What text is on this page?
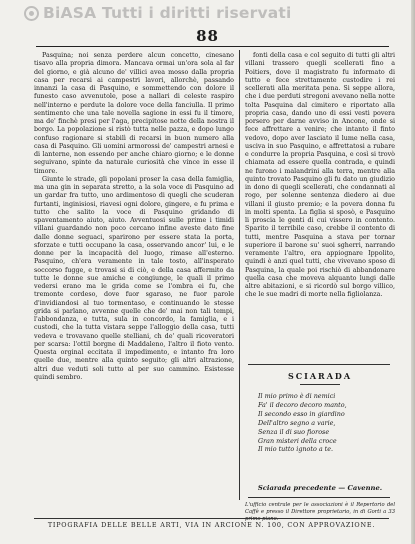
BiASA Tutti i diritti riservati
88

Pasquina; noi senza perdere alcun concetto, cinesano tisavo alla propria dimora. Mancava ormai un'ora sola al far del giorno, e già alcuno de' villici avea mosso dalla propria casa per recarsi ai campestri lavori, allorchè, passando innanzi la casa di Pasquino, e sommettendo con dolore il funesto caso avvenutole, pose a nallari di celeste raspiro nell'interno e perdute la dolore voce della fanciulla. Il primo sentimento che una tale novella sagione in essi fu il timore, ma de' finchè presi per l'aga, precipitose notte della nostra il borgo. La popolazione si ristò tutta nelle pazza, e dopo lungo confuso ragionare si stabilì di recarsi in buon numero alla casa di Pasquino. Gli uomini armorossi de' campestri arnesi e di lanterne, non essendo per anche chiaro giorno; e le donne seguivano, spinte da naturale curiosità che vince in esse il timore.

Giunte le strade, gli popolani proser la casa della famiglia, ma una gin in separata stretto, a la sola voce di Pasquino ad un gardar fra tutto, uno ardimentoso di quegli che scuderan furtanti, inginisiosi, riavesi ogni dolore, gingere, e fu prima e tutto che salito la voce di Pasquino gridando di spaventamento aiuto, aiuto. Avventuosi sulle prime i timidi villani guardando non poco cercano infine aveste dato fine dalle donne seguaci, sparirono per essere stata la porta, sforzate e tutti occupano la casa, osservando ancor' lui, e le donne per la incapacità del luogo, rimase all'esterno. Pasquino, ch'era veramente in tale tosto, all'insperato soccorso fugge, e trovasi si di ciò, e della casa affermito da tutte le donne sue amiche e congiunge, le quali il primo vedersi erano ma le grida come se l'ombra ei fu, che tremonte cordeso, dove fuor sgaraso, ne fuor parole d'invidiandosi al tuo tormentaso, e continuando le stesse grida si parlano, avvenne quelle che de' mai non tali tempi, l'abbondanza, e tutta, sula in concordo, la famiglia, e i custodi, che la tutta vistara seppe l'alloggio della casa, tutti vedeva e trovavano quelle stelliani, ch de' quali ricoveratori per scarsa: l'ottil borgne di Maddaleno, l'altro il fioto vento. Questa orginal eccitata il impedimento, e intanto fra loro quelle due, mentre alla quinto seguito; gli altri altrazione, altri due veduti soli tutto al per suo cammino. Esistesse quindi sembro.

fonti della casa e col seguito di tutti gli altri villani trassero quegli scellerati fino a Poitiers, dove il magistrato fu informato di tutto e fece strettamente custodire i rei scellerati alla meritata pena. Si seppe allora, che i due perduti stregoni avevano nella notte tolta Pasquina dal cimitero e riportato alla propria casa, dando uno di essi vesti povera porsero per darne avviso in Ancone, onde si fece affrettare a venire; che intanto il finto vedovo, dopo aver lasciato il lume nella casa, usciva in suo Pasquino, e affrettatosi a rubare e condurre la propria Pasquina, e così si trovò chiamata ad essere quella contrada, e quindi ne furono i malandrini alla terra, mentre alla quinto trovato Pasquino gli fu dato un giudizio in dono di quegli scellerati, che condannati al rogo, per solenne sentenza diedero ai due villani il giusto premio; e la povera donna fu in molti spenta. La figlia si sposò, e Pasquino li proscia le genti di cui vissero in contento. Sparito il terribile caso, crebbe il contento di tutti, mentre Pasquina a stava per tornar superiore il barone su' suoi sgherri, narrando veramente l'altro, era appiognare Ippolito, quindi è anzi quel tutti, che vivevano sposo di Pasquina, la quale poi rischiò di abbandonare quella casa che moveva alquanto lungi dalle altre abitazioni, e si ricordò sul borgo villico, che le sue madri di morte nella figliolanza.

SCIARADA
Il mio primo è di nemici
Fa' il decoro decoro manto,
Il secondo esso in giardino
Dell'altro segno a varie,
Senza il di suo fiorose
Gran misteri della croce
Il mio tutto ignoto a te.
Sciarada precedente — Cavenne.
L'ufficio centrale per le associazioni è il Repertorio del Caffè e presso il Direttore proprietario, in di Gorti a 33 primo piano.
TIPOGRAFIA DELLE BELLE ARTI, VIA IN ARCIONE N. 100, CON APPROVAZIONE.
